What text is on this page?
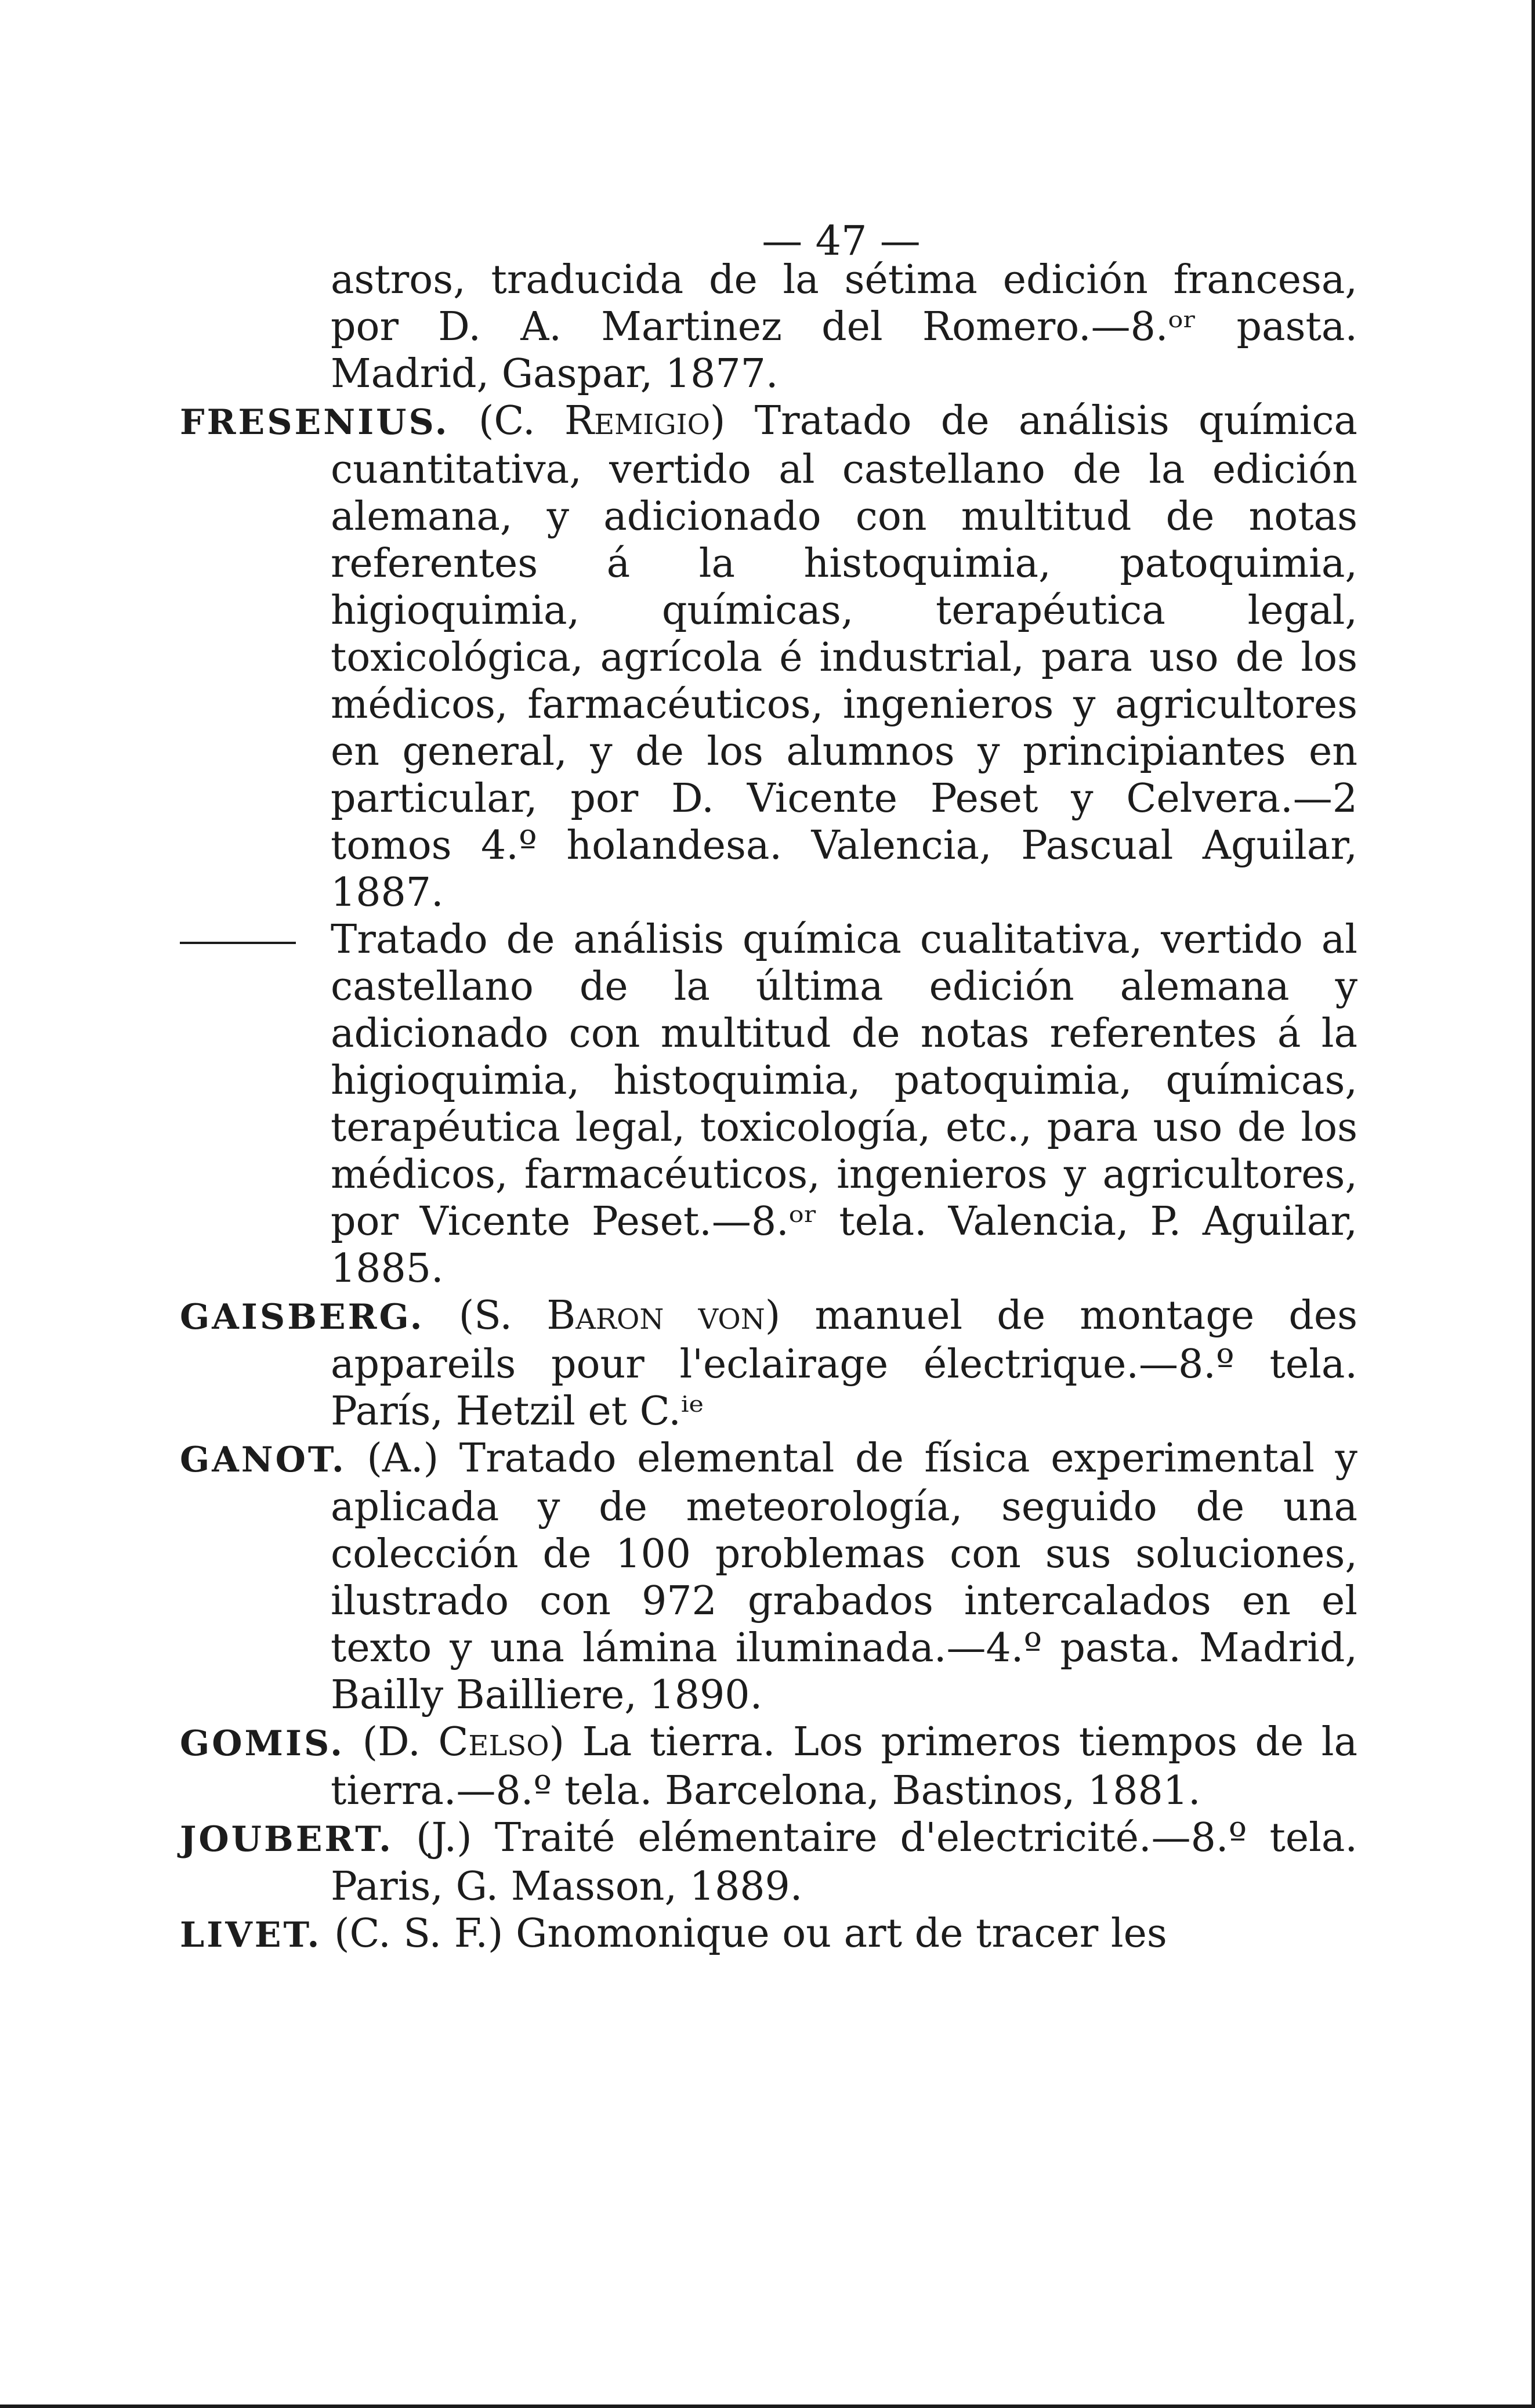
— 47 —

astros, traducida de la sétima edición francesa, por D. A. Martinez del Romero.—8.ᵒʳ pasta. Madrid, Gaspar, 1877.

FRESENIUS. (C. Remigio) Tratado de análisis química cuantitativa, vertido al castellano de la edición alemana, y adicionado con multitud de notas referentes á la histoquimia, patoquimia, higioquimia, químicas, terapéutica legal, toxicológica, agrícola é industrial, para uso de los médicos, farmacéuticos, ingenieros y agricultores en general, y de los alumnos y principiantes en particular, por D. Vicente Peset y Celvera.—2 tomos 4.º holandesa. Valencia, Pascual Aguilar, 1887.

Tratado de análisis química cualitativa, vertido al castellano de la última edición alemana y adicionado con multitud de notas referentes á la higioquimia, histoquimia, patoquimia, químicas, terapéutica legal, toxicología, etc., para uso de los médicos, farmacéuticos, ingenieros y agricultores, por Vicente Peset.—8.ᵒʳ tela. Valencia, P. Aguilar, 1885.

GAISBERG. (S. Baron von) manuel de montage des appareils pour l'eclairage électrique.—8.º tela. París, Hetzil et C.ⁱᵉ

GANOT. (A.) Tratado elemental de física experimental y aplicada y de meteorología, seguido de una colección de 100 problemas con sus soluciones, ilustrado con 972 grabados intercalados en el texto y una lámina iluminada.—4.º pasta. Madrid, Bailly Bailliere, 1890.

GOMIS. (D. Celso) La tierra. Los primeros tiempos de la tierra.—8.º tela. Barcelona, Bastinos, 1881.

JOUBERT. (J.) Traité elémentaire d'electricité.—8.º tela. Paris, G. Masson, 1889.

LIVET. (C. S. F.) Gnomonique ou art de tracer les
